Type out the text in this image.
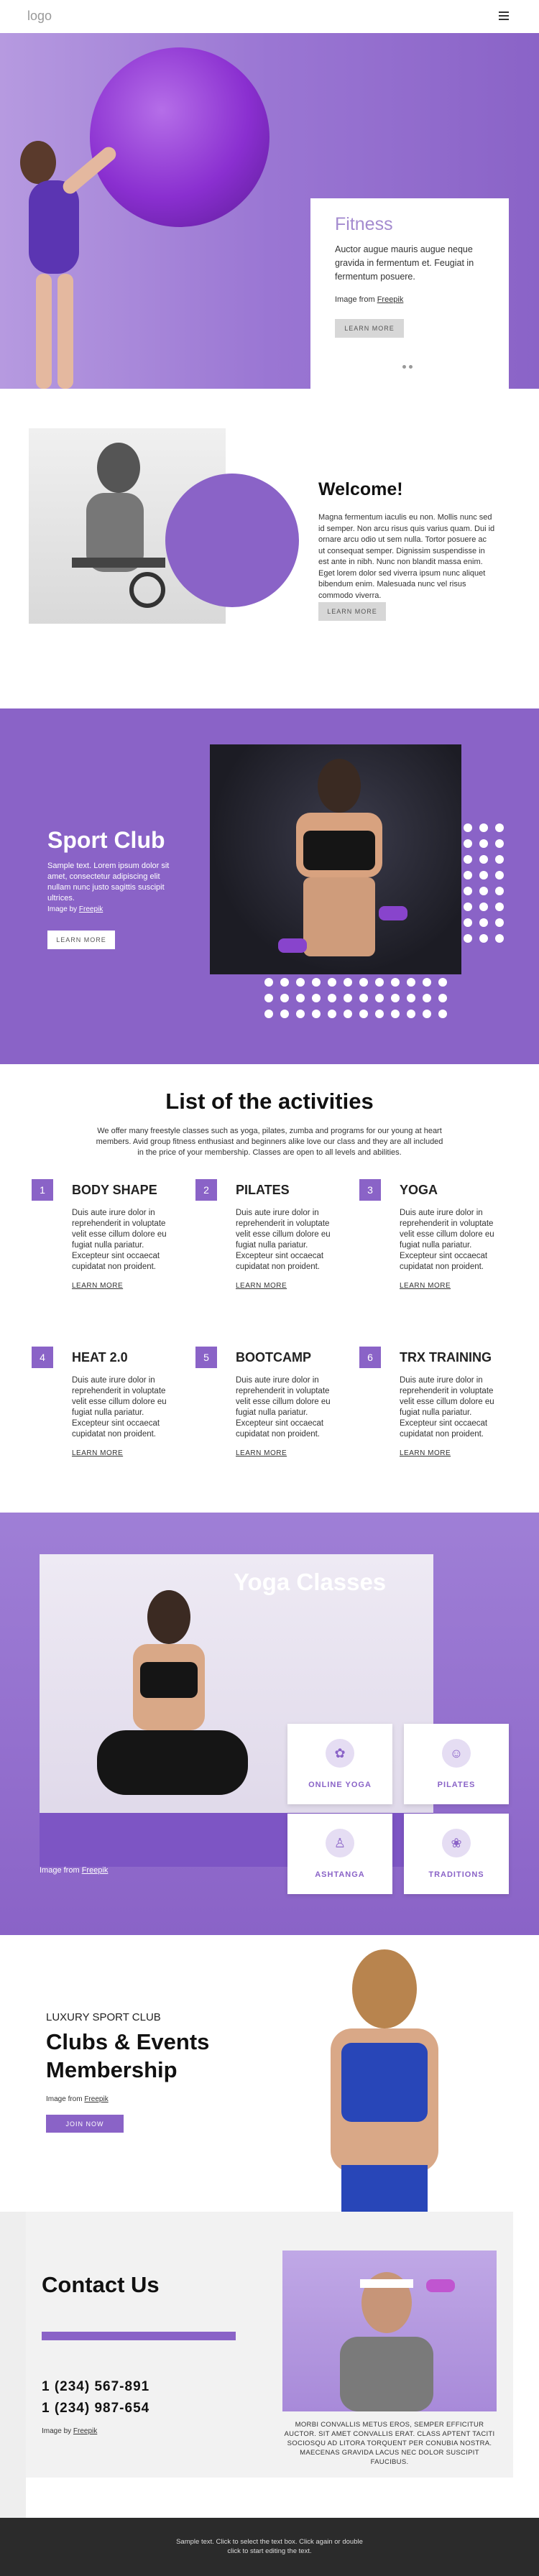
logo
Fitness
Auctor augue mauris augue neque gravida in fermentum et. Feugiat in fermentum posuere.
Image from Freepik
LEARN MORE
Welcome!
Magna fermentum iaculis eu non. Mollis nunc sed id semper. Non arcu risus quis varius quam. Dui id ornare arcu odio ut sem nulla. Tortor posuere ac ut consequat semper. Dignissim suspendisse in est ante in nibh. Nunc non blandit massa enim. Eget lorem dolor sed viverra ipsum nunc aliquet bibendum enim. Malesuada nunc vel risus commodo viverra.
LEARN MORE
Sport Club
Sample text. Lorem ipsum dolor sit amet, consectetur adipiscing elit nullam nunc justo sagittis suscipit ultrices.
Image by Freepik
LEARN MORE
List of the activities
We offer many freestyle classes such as yoga, pilates, zumba and programs for our young at heart members. Avid group fitness enthusiast and beginners alike love our class and they are all included in the price of your membership. Classes are open to all levels and abilities.
1	BODY SHAPE
Duis aute irure dolor in reprehenderit in voluptate velit esse cillum dolore eu fugiat nulla pariatur. Excepteur sint occaecat cupidatat non proident.
LEARN MORE
2	PILATES
Duis aute irure dolor in reprehenderit in voluptate velit esse cillum dolore eu fugiat nulla pariatur. Excepteur sint occaecat cupidatat non proident.
LEARN MORE
3	YOGA
Duis aute irure dolor in reprehenderit in voluptate velit esse cillum dolore eu fugiat nulla pariatur. Excepteur sint occaecat cupidatat non proident.
LEARN MORE
4	HEAT 2.0
Duis aute irure dolor in reprehenderit in voluptate velit esse cillum dolore eu fugiat nulla pariatur. Excepteur sint occaecat cupidatat non proident.
LEARN MORE
5	BOOTCAMP
Duis aute irure dolor in reprehenderit in voluptate velit esse cillum dolore eu fugiat nulla pariatur. Excepteur sint occaecat cupidatat non proident.
LEARN MORE
6	TRX TRAINING
Duis aute irure dolor in reprehenderit in voluptate velit esse cillum dolore eu fugiat nulla pariatur. Excepteur sint occaecat cupidatat non proident.
LEARN MORE
Yoga Classes
Image from Freepik
✿
ONLINE YOGA
☺
PILATES
♙
ASHTANGA
❀
TRADITIONS
LUXURY SPORT CLUB
Clubs & Events
Membership
Image from Freepik
JOIN NOW
Contact Us
1 (234) 567-891
1 (234) 987-654
Image by Freepik
MORBI CONVALLIS METUS EROS, SEMPER EFFICITUR AUCTOR. SIT AMET CONVALLIS ERAT. CLASS APTENT TACITI SOCIOSQU AD LITORA TORQUENT PER CONUBIA NOSTRA. MAECENAS GRAVIDA LACUS NEC DOLOR SUSCIPIT FAUCIBUS.
Sample text. Click to select the text box. Click again or double
click to start editing the text.
